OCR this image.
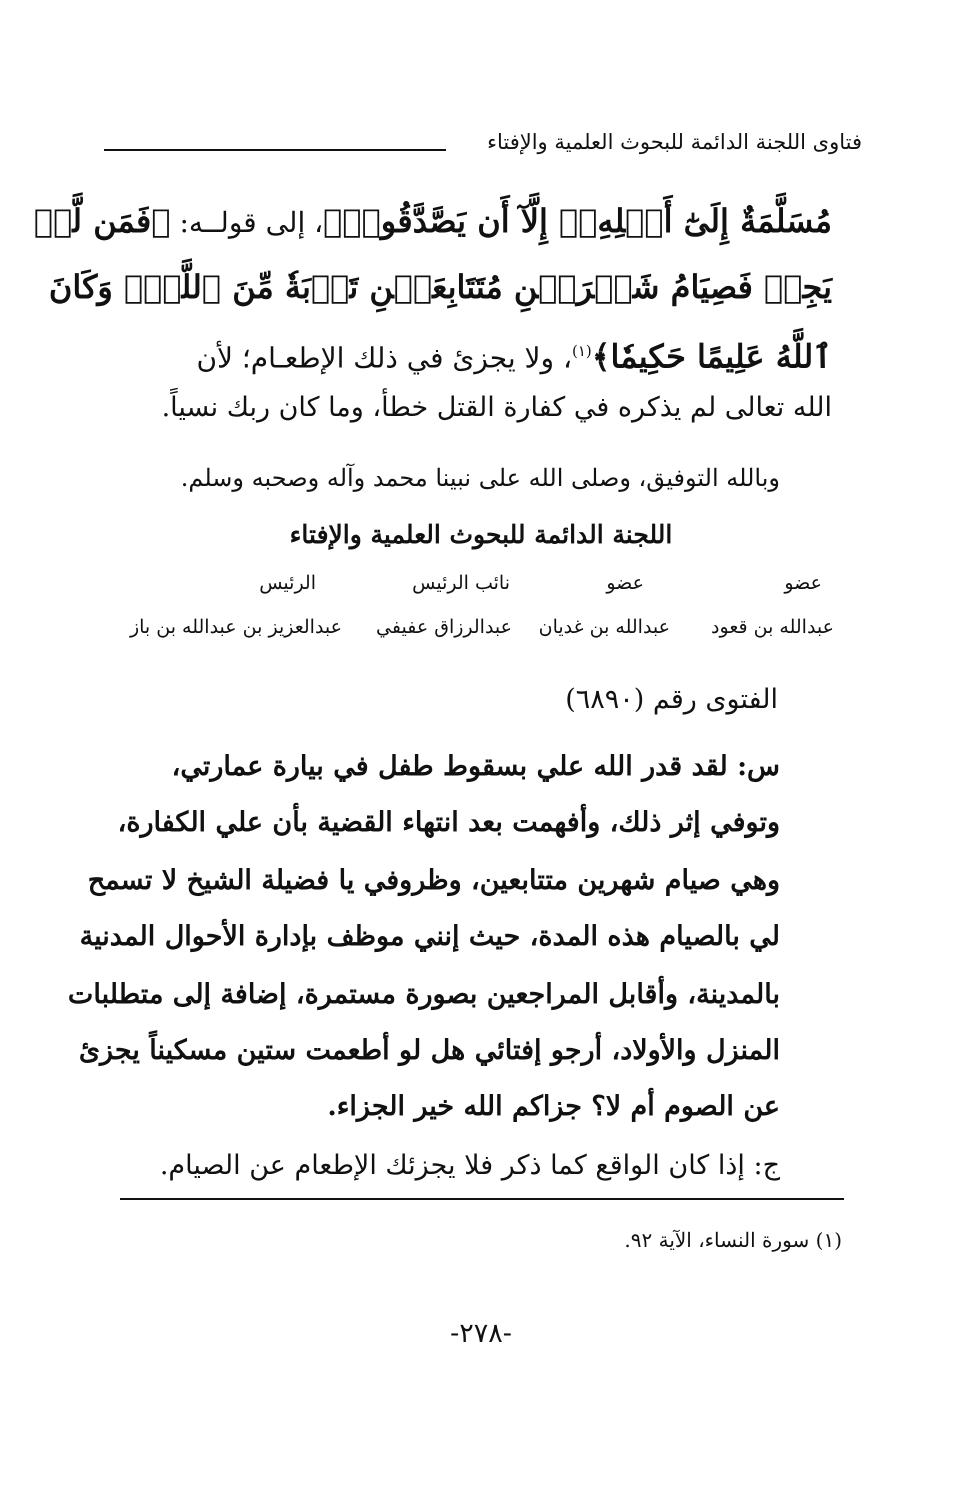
فتاوى اللجنة الدائمة للبحوث العلمية والإفتاء
مُسَلَّمَةٌ إِلَىٰٓ أَهۡلِهِۦٓ إِلَّآ أَن يَصَّدَّقُواْۚ، إلى قولــه: ﴿فَمَن لَّمۡ
يَجِدۡ فَصِيَامُ شَهۡرَيۡنِ مُتَتَابِعَيۡنِ تَوۡبَةٗ مِّنَ ٱللَّهِۗ وَكَانَ
ٱللَّهُ عَلِيمًا حَكِيمٗا﴾$^{(١)}$، ولا يجزئ في ذلك الإطعـام؛ لأن
الله تعالى لم يذكره في كفارة القتل خطأ، وما كان ربك نسياً.
وبالله التوفيق، وصلى الله على نبينا محمد وآله وصحبه وسلم.
اللجنة الدائمة للبحوث العلمية والإفتاء
عضو
عضو
نائب الرئيس
الرئيس
عبدالله بن قعود
عبدالله بن غديان
عبدالرزاق عفيفي
عبدالعزيز بن عبدالله بن باز
الفتوى رقم (٦٨٩٠)
س: لقد قدر الله علي بسقوط طفل في بيارة عمارتي،
وتوفي إثر ذلك، وأفهمت بعد انتهاء القضية بأن علي الكفارة،
وهي صيام شهرين متتابعين، وظروفي يا فضيلة الشيخ لا تسمح
لي بالصيام هذه المدة، حيث إنني موظف بإدارة الأحوال المدنية
بالمدينة، وأقابل المراجعين بصورة مستمرة، إضافة إلى متطلبات
المنزل والأولاد، أرجو إفتائي هل لو أطعمت ستين مسكيناً يجزئ
عن الصوم أم لا؟ جزاكم الله خير الجزاء.
ج: إذا كان الواقع كما ذكر فلا يجزئك الإطعام عن الصيام.
(١) سورة النساء، الآية ٩٢.
-٢٧٨-
